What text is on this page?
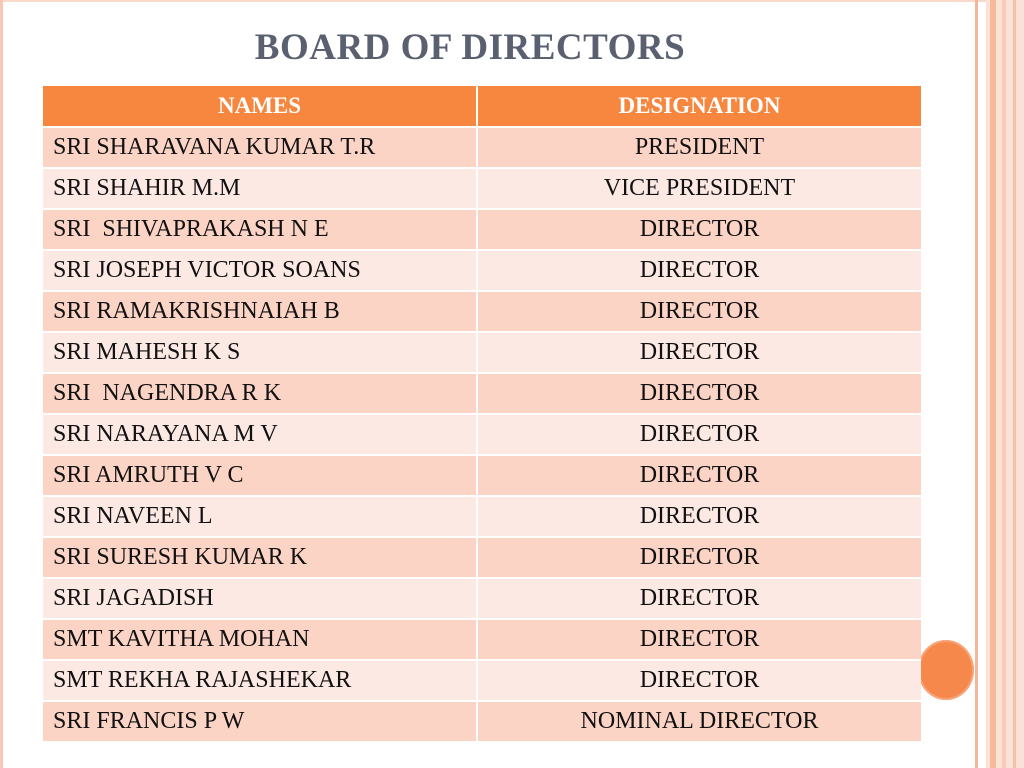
BOARD OF DIRECTORS
NAMES	DESIGNATION
SRI SHARAVANA KUMAR T.R	PRESIDENT
SRI SHAHIR M.M	VICE PRESIDENT
SRI  SHIVAPRAKASH N E	DIRECTOR
SRI JOSEPH VICTOR SOANS	DIRECTOR
SRI RAMAKRISHNAIAH B	DIRECTOR
SRI MAHESH K S	DIRECTOR
SRI  NAGENDRA R K	DIRECTOR
SRI NARAYANA M V	DIRECTOR
SRI AMRUTH V C	DIRECTOR
SRI NAVEEN L	DIRECTOR
SRI SURESH KUMAR K	DIRECTOR
SRI JAGADISH	DIRECTOR
SMT KAVITHA MOHAN	DIRECTOR
SMT REKHA RAJASHEKAR	DIRECTOR
SRI FRANCIS P W	NOMINAL DIRECTOR
